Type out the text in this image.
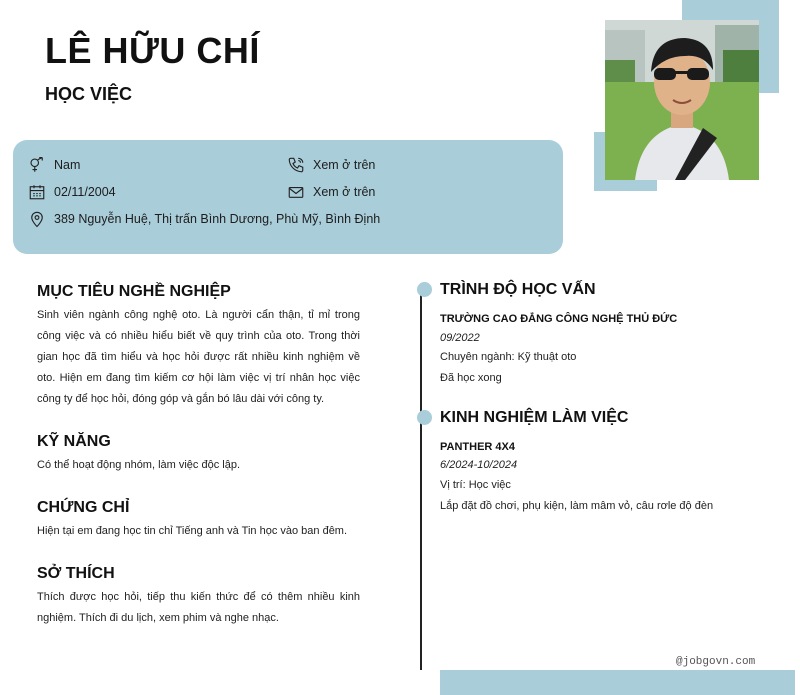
LÊ HỮU CHÍ
HỌC VIỆC
Nam
02/11/2004
389 Nguyễn Huệ, Thị trấn Bình Dương, Phù Mỹ, Bình Định
Xem ở trên
Xem ở trên
MỤC TIÊU NGHỀ NGHIỆP
Sinh viên ngành công nghệ oto. Là người cẩn thận, tỉ mỉ trong công việc và có nhiều hiểu biết về quy trình của oto. Trong thời gian học đã tìm hiểu và học hỏi được rất nhiều kinh nghiệm về oto. Hiện em đang tìm kiếm cơ hội làm việc vị trí nhân học việc công ty để học hỏi, đóng góp và gắn bó lâu dài với công ty.
KỸ NĂNG
Có thể hoạt động nhóm, làm việc độc lập.
CHỨNG CHỈ
Hiện tại em đang học tin chỉ Tiếng anh và Tin học vào ban đêm.
SỞ THÍCH
Thích được học hỏi, tiếp thu kiến thức để có thêm nhiều kinh nghiệm. Thích đi du lịch, xem phim và nghe nhạc.
TRÌNH ĐỘ HỌC VẤN
TRƯỜNG CAO ĐẲNG CÔNG NGHỆ THỦ ĐỨC
09/2022
Chuyên ngành: Kỹ thuật oto
Đã học xong
KINH NGHIỆM LÀM VIỆC
PANTHER 4X4
6/2024-10/2024
Vị trí: Học việc
Lắp đặt đồ chơi, phụ kiện, làm mâm vỏ, câu rơle độ đèn
@jobgovn.com
